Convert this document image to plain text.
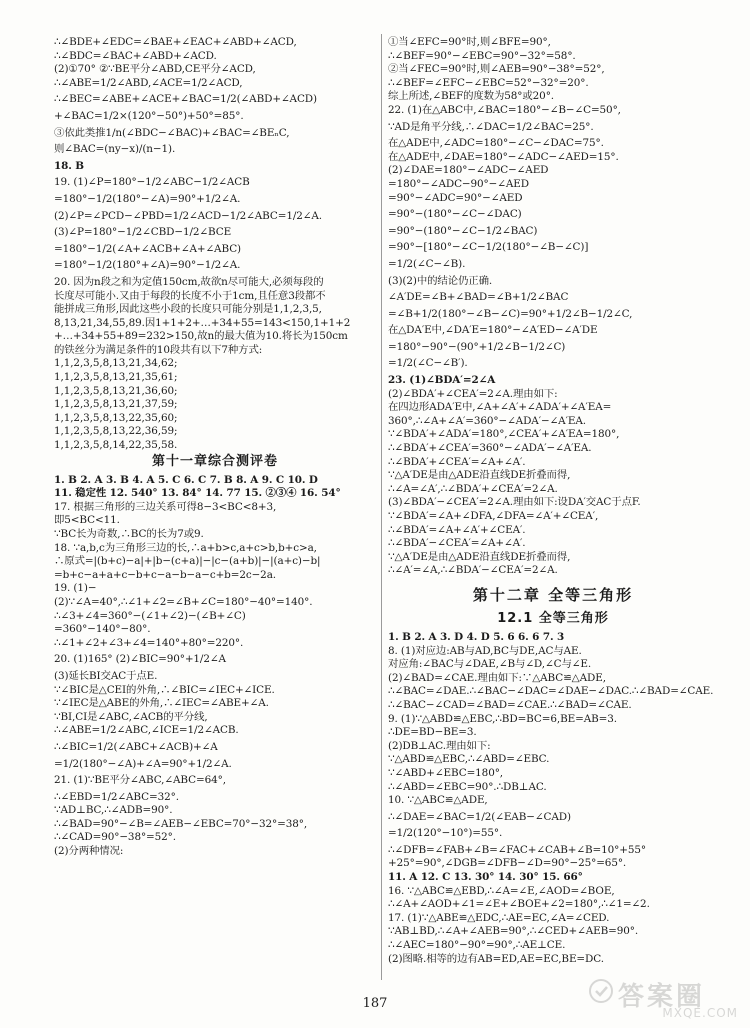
∴∠BDE+∠EDC=∠BAE+∠EAC+∠ABD+∠ACD,
∴∠BDC=∠BAC+∠ABD+∠ACD.
(2)①70° ②∵BE平分∠ABD,CE平分∠ACD,
∴∠ABE=1/2∠ABD,∠ACE=1/2∠ACD,
∴∠BEC=∠ABE+∠ACE+∠BAC=1/2(∠ABD+∠ACD)
+∠BAC=1/2×(120°−50°)+50°=85°.
③依此类推1/n(∠BDC−∠BAC)+∠BAC=∠BEₙC,
则∠BAC=(ny−x)/(n−1).
18. B
19. (1)∠P=180°−1/2∠ABC−1/2∠ACB
=180°−1/2(180°−∠A)=90°+1/2∠A.
(2)∠P=∠PCD−∠PBD=1/2∠ACD−1/2∠ABC=1/2∠A.
(3)∠P=180°−1/2∠CBD−1/2∠BCE
=180°−1/2(∠A+∠ACB+∠A+∠ABC)
=180°−1/2(180°+∠A)=90°−1/2∠A.
20. 因为n段之和为定值150cm,故欲n尽可能大,必须每段的
长度尽可能小.又由于每段的长度不小于1cm,且任意3段都不
能拼成三角形,因此这些小段的长度只可能分别是1,1,2,3,5,
8,13,21,34,55,89.因1+1+2+…+34+55=143<150,1+1+2
+…+34+55+89=232>150,故n的最大值为10.将长为150cm
的铁丝分为满足条件的10段共有以下7种方式:
1,1,2,3,5,8,13,21,34,62;
1,1,2,3,5,8,13,21,35,61;
1,1,2,3,5,8,13,21,36,60;
1,1,2,3,5,8,13,21,37,59;
1,1,2,3,5,8,13,22,35,60;
1,1,2,3,5,8,13,22,36,59;
1,1,2,3,5,8,14,22,35,58.
第十一章综合测评卷
1. B 2. A 3. B 4. A 5. C 6. C 7. B 8. A 9. C 10. D
11. 稳定性 12. 540° 13. 84° 14. 77 15. ②③④ 16. 54°
17. 根据三角形的三边关系可得8−3<BC<8+3,
即5<BC<11.
∵BC长为奇数,∴BC的长为7或9.
18. ∵a,b,c为三角形三边的长,∴a+b>c,a+c>b,b+c>a,
∴原式=|(b+c)−a|+|b−(c+a)|−|c−(a+b)|−|(a+c)−b|
=b+c−a+a+c−b+c−a−b−a−c+b=2c−2a.
19. (1)−
(2)∵∠A=40°,∴∠1+∠2=∠B+∠C=180°−40°=140°.
∴∠3+∠4=360°−(∠1+∠2)−(∠B+∠C)
=360°−140°−80°.
∴∠1+∠2+∠3+∠4=140°+80°=220°.
20. (1)165° (2)∠BIC=90°+1/2∠A
(3)延长BI交AC于点E.
∵∠BIC是△CEI的外角,∴∠BIC=∠IEC+∠ICE.
∵∠IEC是△ABE的外角,∴∠IEC=∠ABE+∠A.
∵BI,CI是∠ABC,∠ACB的平分线,
∴∠ABE=1/2∠ABC,∠ICE=1/2∠ACB.
∴∠BIC=1/2(∠ABC+∠ACB)+∠A
=1/2(180°−∠A)+∠A=90°+1/2∠A.
21. (1)∵BE平分∠ABC,∠ABC=64°,
∴∠EBD=1/2∠ABC=32°.
∵AD⊥BC,∴∠ADB=90°.
∴∠BAD=90°−∠B=∠AEB−∠EBC=70°−32°=38°,
∴∠CAD=90°−38°=52°.
(2)分两种情况:
①当∠EFC=90°时,则∠BFE=90°,
∴∠BEF=90°−∠EBC=90°−32°=58°.
②当∠FEC=90°时,则∠AEB=90°−38°=52°,
∴∠BEF=∠EFC−∠EBC=52°−32°=20°.
综上所述,∠BEF的度数为58°或20°.
22. (1)在△ABC中,∠BAC=180°−∠B−∠C=50°,
∵AD是角平分线,∴∠DAC=1/2∠BAC=25°.
在△ADE中,∠ADC=180°−∠C−∠DAC=75°.
在△ADE中,∠DAE=180°−∠ADC−∠AED=15°.
(2)∠DAE=180°−∠ADC−∠AED
=180°−∠ADC−90°−∠AED
=90°−∠ADC=90°−∠AED
=90°−(180°−∠C−∠DAC)
=90°−(180°−∠C−1/2∠BAC)
=90°−[180°−∠C−1/2(180°−∠B−∠C)]
=1/2(∠C−∠B).
(3)(2)中的结论仍正确.
∠A′DE=∠B+∠BAD=∠B+1/2∠BAC
=∠B+1/2(180°−∠B−∠C)=90°+1/2∠B−1/2∠C,
在△DA′E中,∠DA′E=180°−∠A′ED−∠A′DE
=180°−90°−(90°+1/2∠B−1/2∠C)
=1/2(∠C−∠B′).
23. (1)∠BDA′=2∠A
(2)∠BDA′+∠CEA′=2∠A.理由如下:
在四边形ADA′E中,∠A+∠A′+∠ADA′+∠A′EA=
360°,∴∠A+∠A′=360°−∠ADA′−∠A′EA.
∵∠BDA′+∠ADA′=180°,∠CEA′+∠A′EA=180°,
∴∠BDA′+∠CEA′=360°−∠ADA′−∠A′EA.
∴∠BDA′+∠CEA′=∠A+∠A′.
∵△A′DE是由△ADE沿直线DE折叠而得,
∴∠A=∠A′,∴∠BDA′+∠CEA′=2∠A.
(3)∠BDA′−∠CEA′=2∠A.理由如下:设DA′交AC于点F.
∵∠BDA′=∠A+∠DFA,∠DFA=∠A′+∠CEA′,
∴∠BDA′=∠A+∠A′+∠CEA′.
∴∠BDA′−∠CEA′=∠A+∠A′.
∵△A′DE是由△ADE沿直线DE折叠而得,
∴∠A′=∠A,∴∠BDA′−∠CEA′=2∠A.
第十二章 全等三角形
12.1 全等三角形
1. B 2. A 3. D 4. D 5. 6 6. 6 7. 3
8. (1)对应边:AB与AD,BC与DE,AC与AE.
对应角:∠BAC与∠DAE,∠B与∠D,∠C与∠E.
(2)∠BAD=∠CAE.理由如下:∵△ABC≌△ADE,
∴∠BAC=∠DAE.∴∠BAC−∠DAC=∠DAE−∠DAC.∴∠BAD=∠CAE.
∴∠BAC−∠CAD=∠BAD=∠CAE.∴∠BAD=∠CAE.
9. (1)∵△ABD≌△EBC,∴BD=BC=6,BE=AB=3.
∴DE=BD−BE=3.
(2)DB⊥AC.理由如下:
∵△ABD≌△EBC,∴∠ABD=∠EBC.
∵∠ABD+∠EBC=180°,
∴∠ABD=∠EBC=90°.∴DB⊥AC.
10. ∵△ABC≌△ADE,
∴∠DAE=∠BAC=1/2(∠EAB−∠CAD)
=1/2(120°−10°)=55°.
∴∠DFB=∠FAB+∠B=∠FAC+∠CAB+∠B=10°+55°
+25°=90°,∠DGB=∠DFB−∠D=90°−25°=65°.
11. A 12. C 13. 30° 14. 30° 15. 66°
16. ∵△ABC≌△EBD,∴∠A=∠E,∠AOD=∠BOE,
∴∠A+∠AOD+∠1=∠E+∠BOE+∠2=180°,∴∠1=∠2.
17. (1)∵△ABE≌△EDC,∴AE=EC,∠A=∠CED.
∵AB⊥BD,∴∠A+∠AEB=90°,∴∠CED+∠AEB=90°.
∴∠AEC=180°−90°=90°,∴AE⊥CE.
(2)图略.相等的边有AB=ED,AE=EC,BE=DC.
187	答案圈
MXQE.COM
